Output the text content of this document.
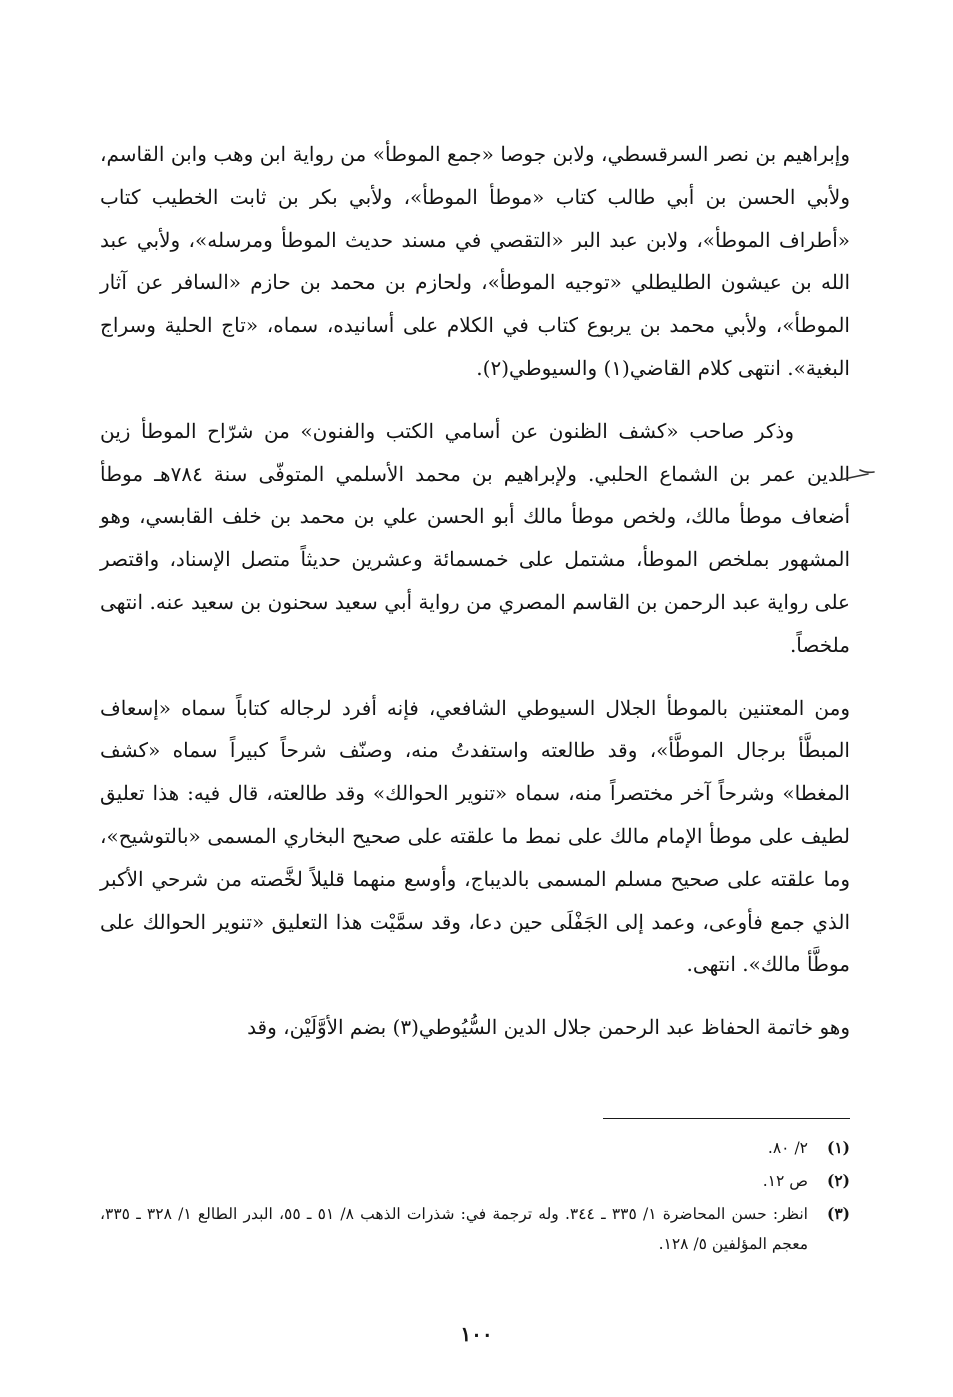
وإبراهيم بن نصر السرقسطي، ولابن جوصا «جمع الموطأ» من رواية ابن وهب وابن القاسم، ولأبي الحسن بن أبي طالب كتاب «موطأ الموطأ»، ولأبي بكر بن ثابت الخطيب كتاب «أطراف الموطأ»، ولابن عبد البر «التقصي في مسند حديث الموطأ ومرسله»، ولأبي عبد الله بن عيشون الطليطلي «توجيه الموطأ»، ولحازم بن محمد بن حازم «السافر عن آثار الموطأ»، ولأبي محمد بن يربوع كتاب في الكلام على أسانيده، سماه، «تاج الحلية وسراج البغية». انتهى كلام القاضي(١) والسيوطي(٢).

وذكر صاحب «كشف الظنون عن أسامي الكتب والفنون» من شرّاح الموطأ زين الدين عمر بن الشماع الحلبي. ولإبراهيم بن محمد الأسلمي المتوفّى سنة ٧٨٤هـ موطأ أضعاف موطأ مالك، ولخص موطأ مالك أبو الحسن علي بن محمد بن خلف القابسي، وهو المشهور بملخص الموطأ، مشتمل على خمسمائة وعشرين حديثاً متصل الإسناد، واقتصر على رواية عبد الرحمن بن القاسم المصري من رواية أبي سعيد سحنون بن سعيد عنه. انتهى ملخصاً.

ومن المعتنين بالموطأ الجلال السيوطي الشافعي، فإنه أفرد لرجاله كتاباً سماه «إسعاف المبطَّأ برجال الموطَّأ»، وقد طالعته واستفدتُ منه، وصنّف شرحاً كبيراً سماه «كشف المغطا» وشرحاً آخر مختصراً منه، سماه «تنوير الحوالك» وقد طالعته، قال فيه: هذا تعليق لطيف على موطأ الإمام مالك على نمط ما علقته على صحيح البخاري المسمى «بالتوشيح»، وما علقته على صحيح مسلم المسمى بالديباج، وأوسع منهما قليلاً لخَّصته من شرحي الأكبر الذي جمع فأوعى، وعمد إلى الجَفْلَى حين دعا، وقد سمَّيْت هذا التعليق «تنوير الحوالك على موطَّأ مالك». انتهى.

وهو خاتمة الحفاظ عبد الرحمن جلال الدين السُّيُوطي(٣) بضم الأوَّلَيْن، وقد

(١)
٢/ ٨٠.
(٢)
ص ١٢.
(٣)
انظر: حسن المحاضرة ١/ ٣٣٥ ـ ٣٤٤. وله ترجمة في: شذرات الذهب ٨/ ٥١ ـ ٥٥، البدر الطالع ١/ ٣٢٨ ـ ٣٣٥، معجم المؤلفين ٥/ ١٢٨.
١٠٠
